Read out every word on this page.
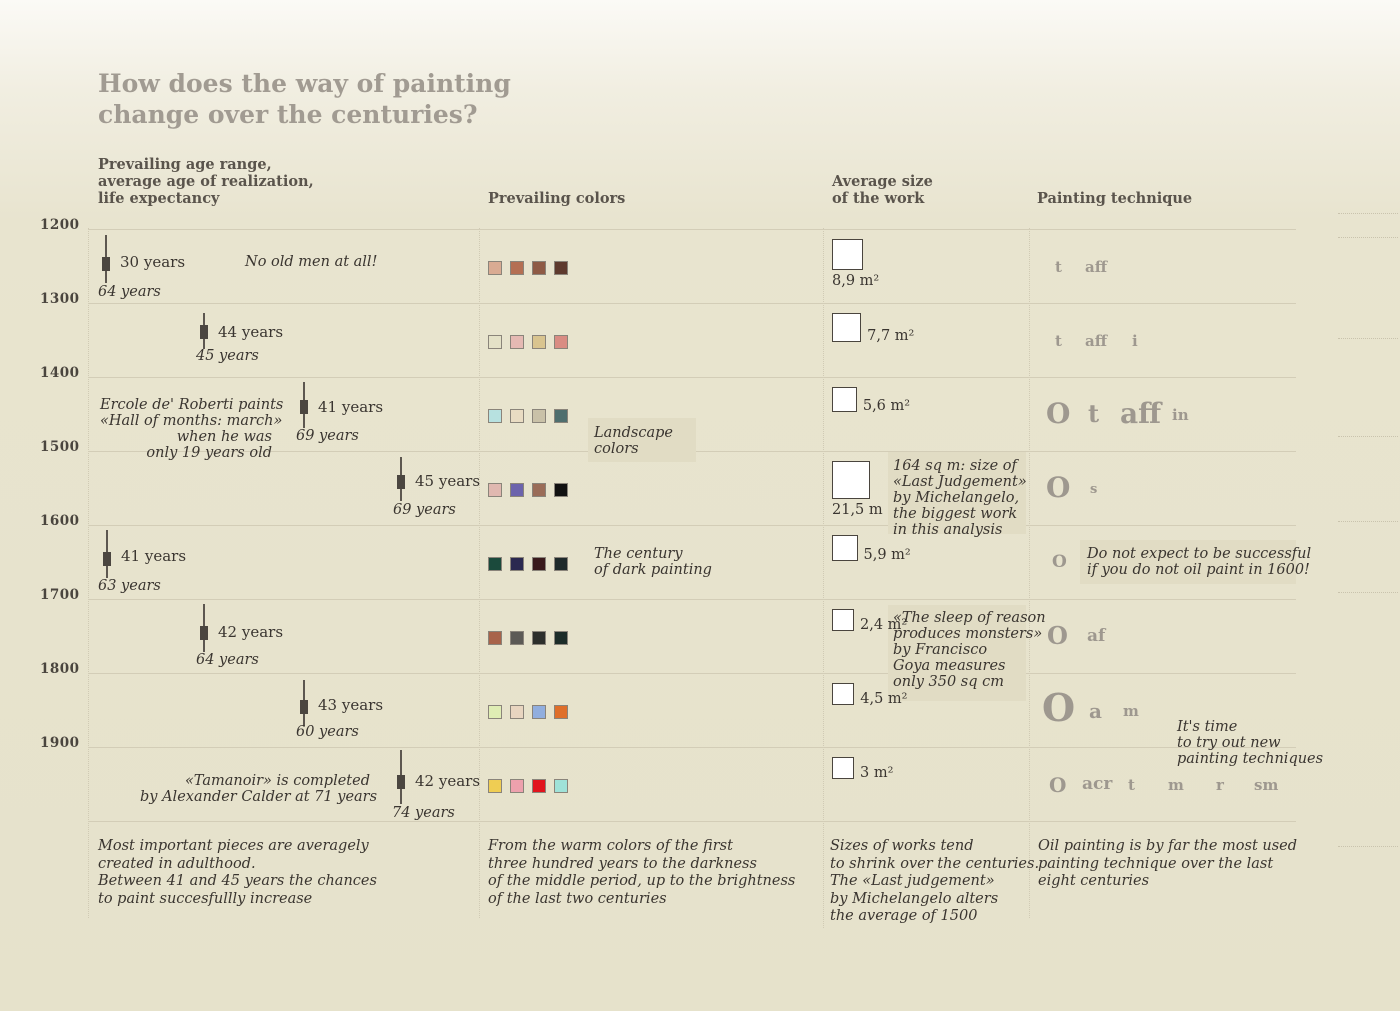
How does the way of painting
change over the centuries?
Prevailing age range,
average age of realization,
life expectancy	Prevailing colors
Average size
of the work	Painting technique
1200
1300
1400
1500
1600
1700
1800
1900
30 years
64 years
44 years
45 years
41 years
69 years
45 years
69 years
41 years
63 years
42 years
64 years
43 years
60 years
42 years
74 years
No old men at all!
Ercole de' Roberti paints
«Hall of months: march»
when he was
only 19 years old
Landscape
colors
The century
of dark painting
164 sq m: size of
«Last Judgement»
by Michelangelo,
the biggest work
in this analysis
«The sleep of reason
produces monsters»
by Francisco
Goya measures
only 350 sq cm
Do not expect to be successful
if you do not oil paint in 1600!
It's time
to try out new
painting techniques
«Tamanoir» is completed
by Alexander Calder at 71 years
8,9 m²
7,7 m²
5,6 m²
21,5 m
5,9 m²
2,4 m²
4,5 m²
3 m²
t aff
t aff i
O t aff in
O s
O
O af
O a m
O acr t m r sm
Most important pieces are averagely
created in adulthood.
Between 41 and 45 years the chances
to paint succesfullly increase
From the warm colors of the first
three hundred years to the darkness
of the middle period, up to the brightness
of the last two centuries
Sizes of works tend
to shrink over the centuries.
The «Last judgement»
by Michelangelo alters
the average of 1500
Oil painting is by far the most used
painting technique over the last
eight centuries
